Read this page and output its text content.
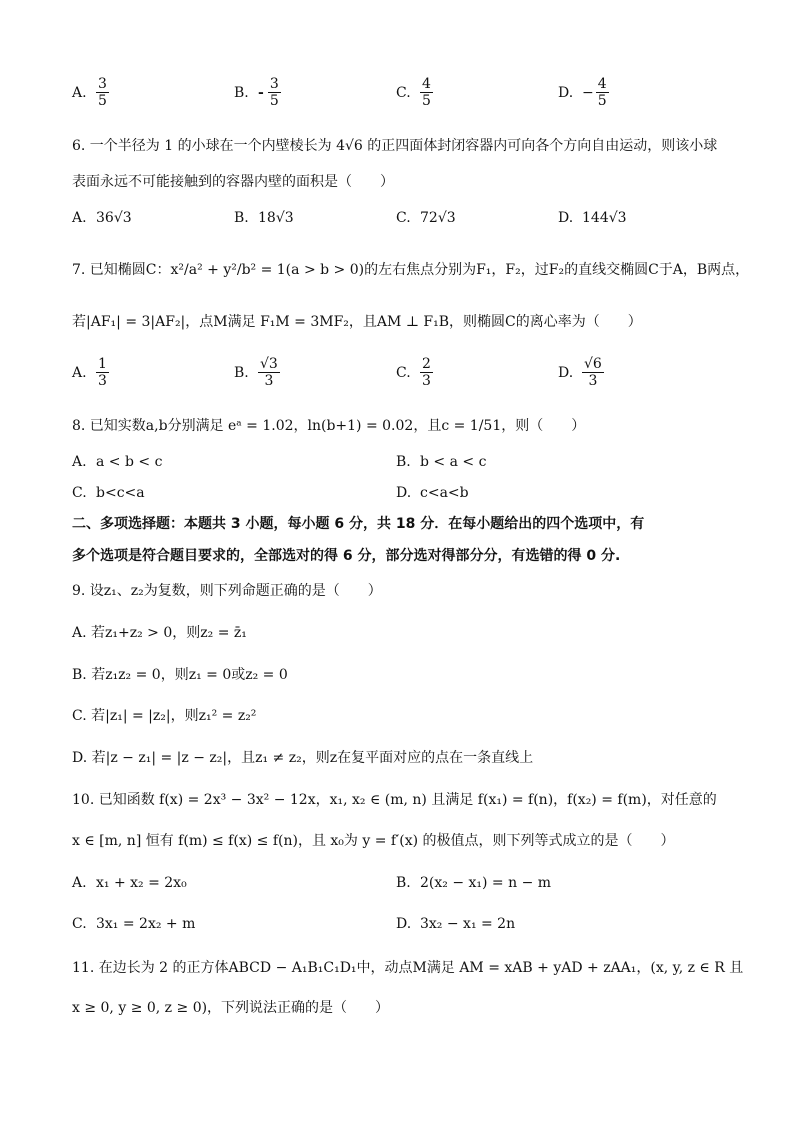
A. $\frac{3}{5}$	B. - $\frac{3}{5}$	C. $\frac{4}{5}$	D. − $\frac{4}{5}$
6. 一个半径为 1 的小球在一个内壁棱长为 4√6 的正四面体封闭容器内可向各个方向自由运动，则该小球
表面永远不可能接触到的容器内壁的面积是（　　）
A. 36√3	B. 18√3	C. 72√3	D. 144√3
7. 已知椭圆C：x²/a² + y²/b² = 1(a > b > 0)的左右焦点分别为F₁，F₂，过F₂的直线交椭圆C于A，B两点，
若|AF₁| = 3|AF₂|，点M满足 F₁M = 3MF₂，且AM ⊥ F₁B，则椭圆C的离心率为（　　）
A. $\frac{1}{3}$	B. $\frac{√3}{3}$	C. $\frac{2}{3}$	D. $\frac{√6}{3}$
8. 已知实数a,b分别满足 eᵃ = 1.02，ln(b+1) = 0.02，且c = 1/51，则（　　）
A. a < b < c	B. b < a < c
C. b<c<a	D. c<a<b
二、多项选择题：本题共 3 小题，每小题 6 分，共 18 分．在每小题给出的四个选项中，有
多个选项是符合题目要求的，全部选对的得 6 分，部分选对得部分分，有选错的得 0 分.
9. 设z₁、z₂为复数，则下列命题正确的是（　　）
A. 若z₁+z₂ > 0，则z₂ = z̄₁
B. 若z₁z₂ = 0，则z₁ = 0或z₂ = 0
C. 若|z₁| = |z₂|，则z₁² = z₂²
D. 若|z − z₁| = |z − z₂|，且z₁ ≠ z₂，则z在复平面对应的点在一条直线上
10. 已知函数 f(x) = 2x³ − 3x² − 12x，x₁, x₂ ∈ (m, n) 且满足 f(x₁) = f(n)，f(x₂) = f(m)，对任意的
x ∈ [m, n] 恒有 f(m) ≤ f(x) ≤ f(n)，且 x₀为 y = f′(x) 的极值点，则下列等式成立的是（　　）
A. x₁ + x₂ = 2x₀	B. 2(x₂ − x₁) = n − m
C. 3x₁ = 2x₂ + m	D. 3x₂ − x₁ = 2n
11. 在边长为 2 的正方体ABCD − A₁B₁C₁D₁中，动点M满足 AM = xAB + yAD + zAA₁，(x, y, z ∈ R 且
x ≥ 0, y ≥ 0, z ≥ 0)，下列说法正确的是（　　）
